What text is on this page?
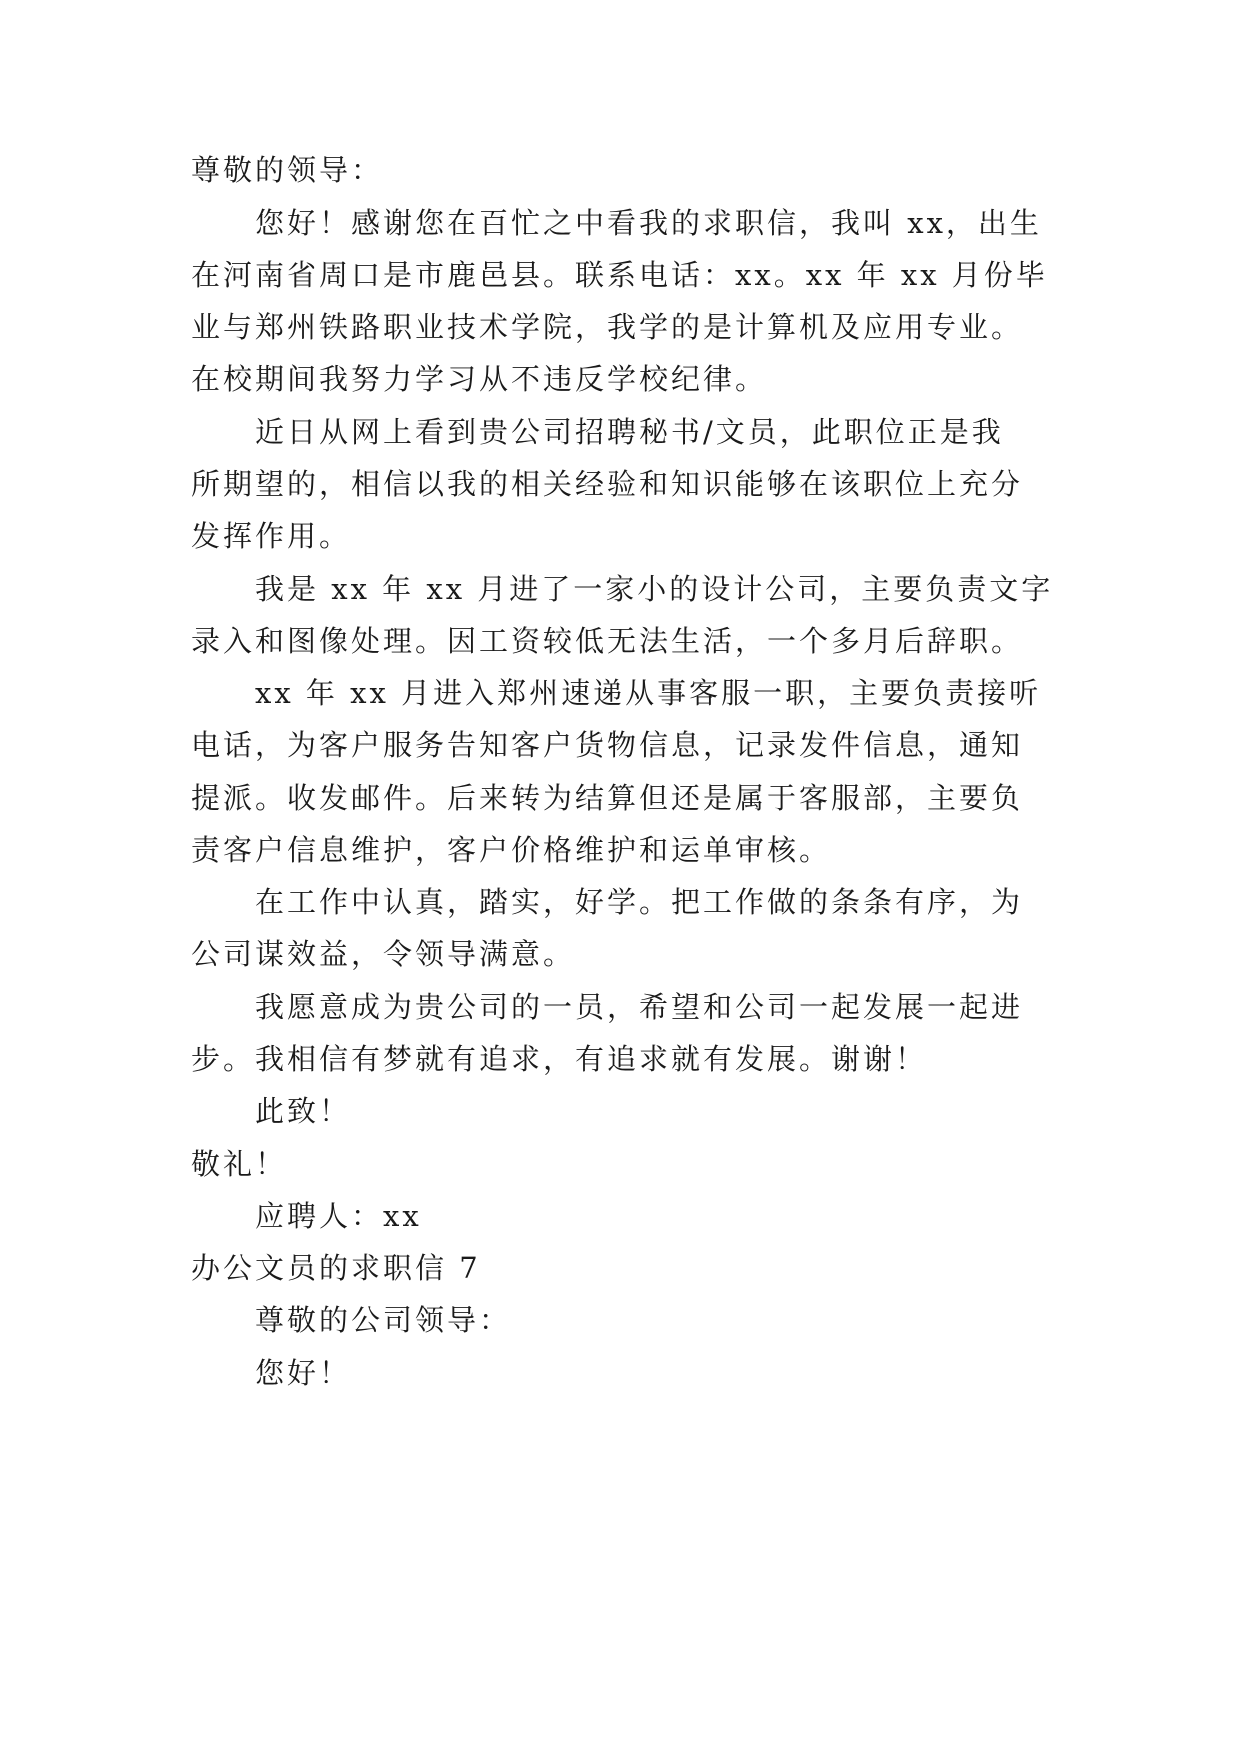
尊敬的领导：
您好！感谢您在百忙之中看我的求职信，我叫 xx，出生
在河南省周口是市鹿邑县。联系电话：xx。xx 年 xx 月份毕
业与郑州铁路职业技术学院，我学的是计算机及应用专业。
在校期间我努力学习从不违反学校纪律。
近日从网上看到贵公司招聘秘书/文员，此职位正是我
所期望的，相信以我的相关经验和知识能够在该职位上充分
发挥作用。
我是 xx 年 xx 月进了一家小的设计公司，主要负责文字
录入和图像处理。因工资较低无法生活，一个多月后辞职。
xx 年 xx 月进入郑州速递从事客服一职，主要负责接听
电话，为客户服务告知客户货物信息，记录发件信息，通知
提派。收发邮件。后来转为结算但还是属于客服部，主要负
责客户信息维护，客户价格维护和运单审核。
在工作中认真，踏实，好学。把工作做的条条有序，为
公司谋效益，令领导满意。
我愿意成为贵公司的一员，希望和公司一起发展一起进
步。我相信有梦就有追求，有追求就有发展。谢谢！
此致！
敬礼！
应聘人：xx
办公文员的求职信 7
尊敬的公司领导：
您好！
